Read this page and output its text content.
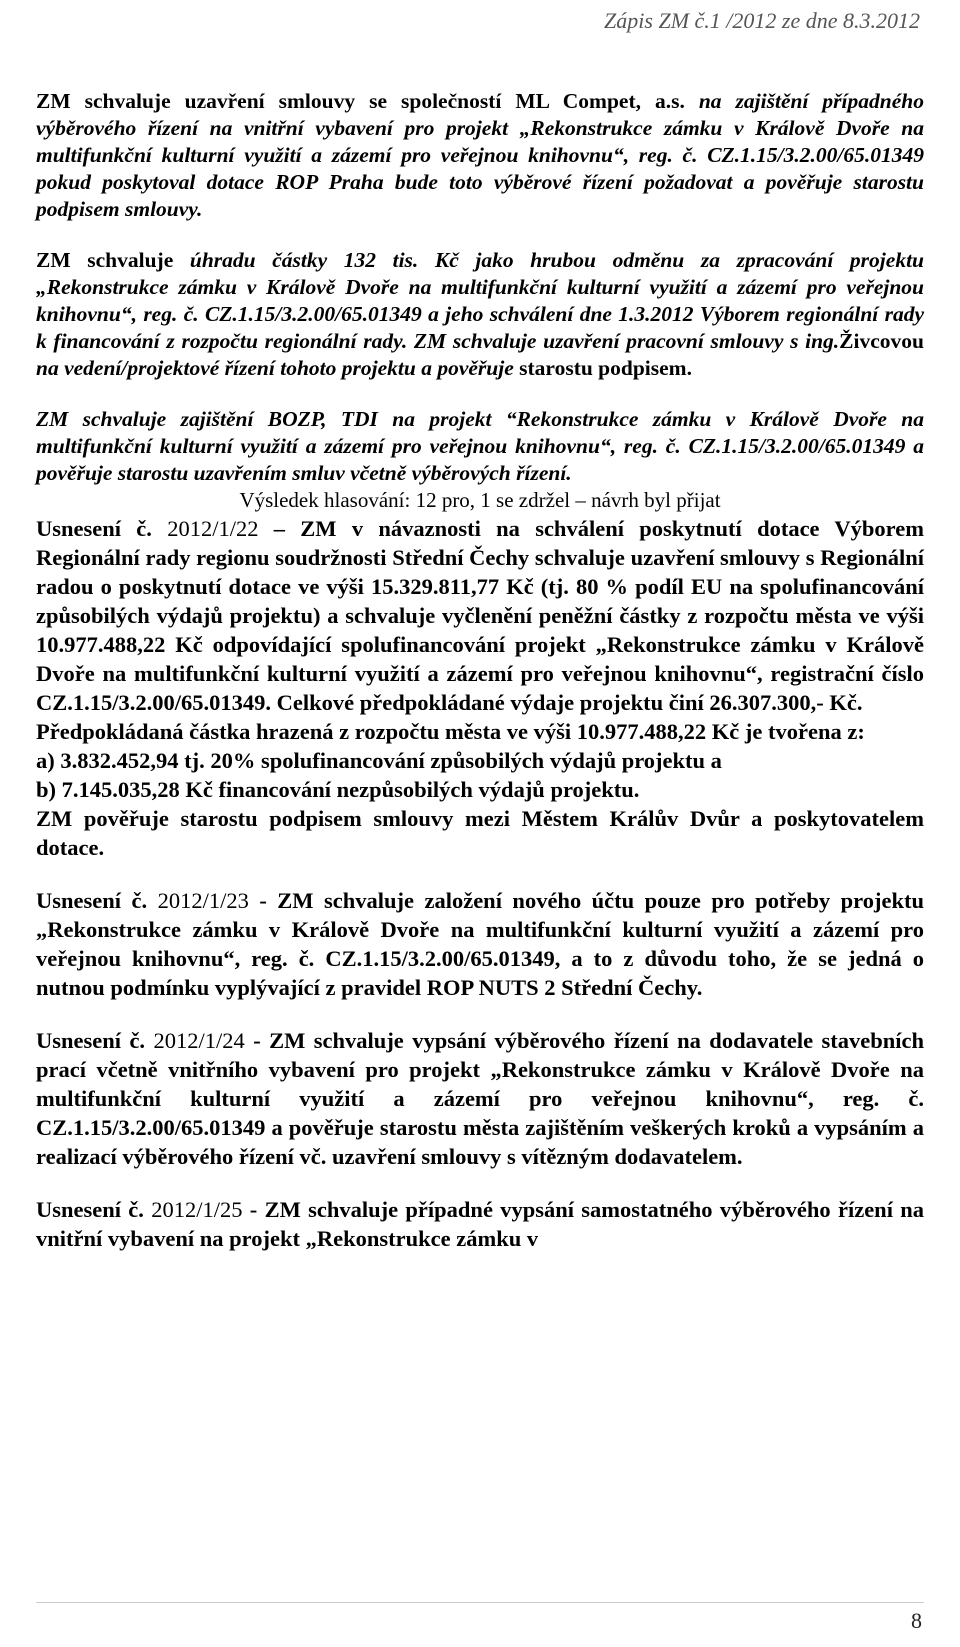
Zápis ZM č.1 /2012 ze dne 8.3.2012

ZM schvaluje uzavření smlouvy se společností ML Compet, a.s. na zajištění případného výběrového řízení na vnitřní vybavení pro projekt „Rekonstrukce zámku v Králově Dvoře na multifunkční kulturní využití a zázemí pro veřejnou knihovnu“, reg. č. CZ.1.15/3.2.00/65.01349 pokud poskytoval dotace ROP Praha bude toto výběrové řízení požadovat a pověřuje starostu podpisem smlouvy.

ZM schvaluje úhradu částky 132 tis. Kč jako hrubou odměnu za zpracování projektu „Rekonstrukce zámku v Králově Dvoře na multifunkční kulturní využití a zázemí pro veřejnou knihovnu“, reg. č. CZ.1.15/3.2.00/65.01349 a jeho schválení dne 1.3.2012 Výborem regionální rady k financování z rozpočtu regionální rady. ZM schvaluje uzavření pracovní smlouvy s ing.Živcovou na vedení/projektové řízení tohoto projektu a pověřuje starostu podpisem.

ZM schvaluje zajištění BOZP, TDI na projekt “Rekonstrukce zámku v Králově Dvoře na multifunkční kulturní využití a zázemí pro veřejnou knihovnu“, reg. č. CZ.1.15/3.2.00/65.01349 a pověřuje starostu uzavřením smluv včetně výběrových řízení.

Výsledek hlasování: 12 pro, 1 se zdržel – návrh byl přijat

Usnesení č. 2012/1/22 – ZM v návaznosti na schválení poskytnutí dotace Výborem Regionální rady regionu soudržnosti Střední Čechy schvaluje uzavření smlouvy s Regionální radou o poskytnutí dotace ve výši 15.329.811,77 Kč (tj. 80 % podíl EU na spolufinancování způsobilých výdajů projektu) a schvaluje vyčlenění peněžní částky z rozpočtu města ve výši 10.977.488,22 Kč odpovídající spolufinancování projekt „Rekonstrukce zámku v Králově Dvoře na multifunkční kulturní využití a zázemí pro veřejnou knihovnu“, registrační číslo CZ.1.15/3.2.00/65.01349. Celkové předpokládané výdaje projektu činí 26.307.300,- Kč.

Předpokládaná částka hrazená z rozpočtu města ve výši 10.977.488,22 Kč je tvořena z:

a) 3.832.452,94 tj. 20% spolufinancování způsobilých výdajů projektu a

b) 7.145.035,28 Kč financování nezpůsobilých výdajů projektu.

ZM pověřuje starostu podpisem smlouvy mezi Městem Králův Dvůr a poskytovatelem dotace.

Usnesení č. 2012/1/23 - ZM schvaluje založení nového účtu pouze pro potřeby projektu „Rekonstrukce zámku v Králově Dvoře na multifunkční kulturní využití a zázemí pro veřejnou knihovnu“, reg. č. CZ.1.15/3.2.00/65.01349, a to z důvodu toho, že se jedná o nutnou podmínku vyplývající z pravidel ROP NUTS 2 Střední Čechy.

Usnesení č. 2012/1/24 - ZM schvaluje vypsání výběrového řízení na dodavatele stavebních prací včetně vnitřního vybavení pro projekt „Rekonstrukce zámku v Králově Dvoře na multifunkční kulturní využití a zázemí pro veřejnou knihovnu“, reg. č. CZ.1.15/3.2.00/65.01349 a pověřuje starostu města zajištěním veškerých kroků a vypsáním a realizací výběrového řízení vč. uzavření smlouvy s vítězným dodavatelem.

Usnesení č. 2012/1/25 - ZM schvaluje případné vypsání samostatného výběrového řízení na vnitřní vybavení na projekt „Rekonstrukce zámku v

8
